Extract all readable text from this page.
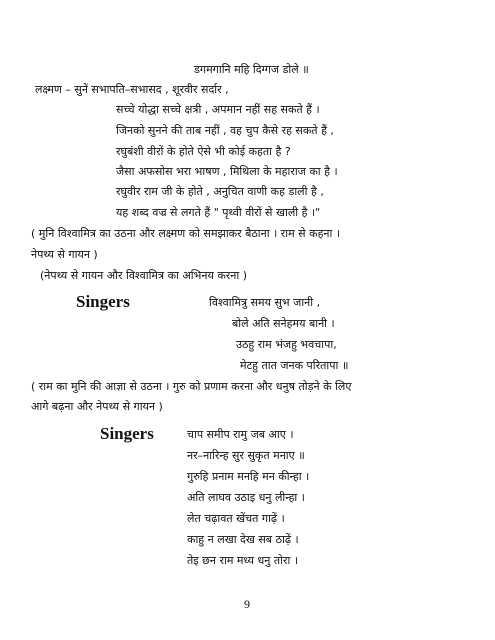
डगमगानि महि दिग्गज डोले ॥
लक्ष्मण – सुनें सभापति–सभासद , शूरवीर सर्दार ,
सच्चे योद्धा सच्चे क्षत्री , अपमान नहीं सह सकते हैं ।
जिनको सुनने की ताब नहीं , वह चुप कैसे रह सकते हैं ,
रघुबंशी वीरों के होते ऐसे भी कोई कहता है ?
जैसा अफसोस भरा भाषण , मिथिला के महाराज का है ।
रघुवीर राम जी के होते , अनुचित वाणी कह डाली है ,
यह शब्द वज्र से लगते हैं " पृथ्वी वीरों से खाली है ।"
( मुनि विश्वामित्र का उठना और लक्ष्मण को समझाकर बैठाना । राम से कहना ।
नेपथ्य से गायन )
(नेपथ्य से गायन और विश्वामित्र का अभिनय करना )
Singers	विश्वामित्रु समय सुभ जानी ,
बोले अति सनेहमय बानी ।
उठहु राम भंजहु भवचापा,
मेटहु तात जनक परितापा ॥
( राम का मुनि की आज्ञा से उठना । गुरु को प्रणाम करना और धनुष तोड़ने के लिए
आगे बढ़ना और नेपथ्य से गायन )
Singers	चाप समीप रामु जब आए ।
नर–नारिन्ह सुर सुकृत मनाए ॥
गुरुहि प्रनाम मनहि मन कीन्हा ।
अति लाघव उठाइ धनु लीन्हा ।
लेत चढ़ावत खेंचत गाढ़ें ।
काहु न लखा देख सब ठाढ़ें ।
तेइ छन राम मध्य धनु तोरा ।
9
